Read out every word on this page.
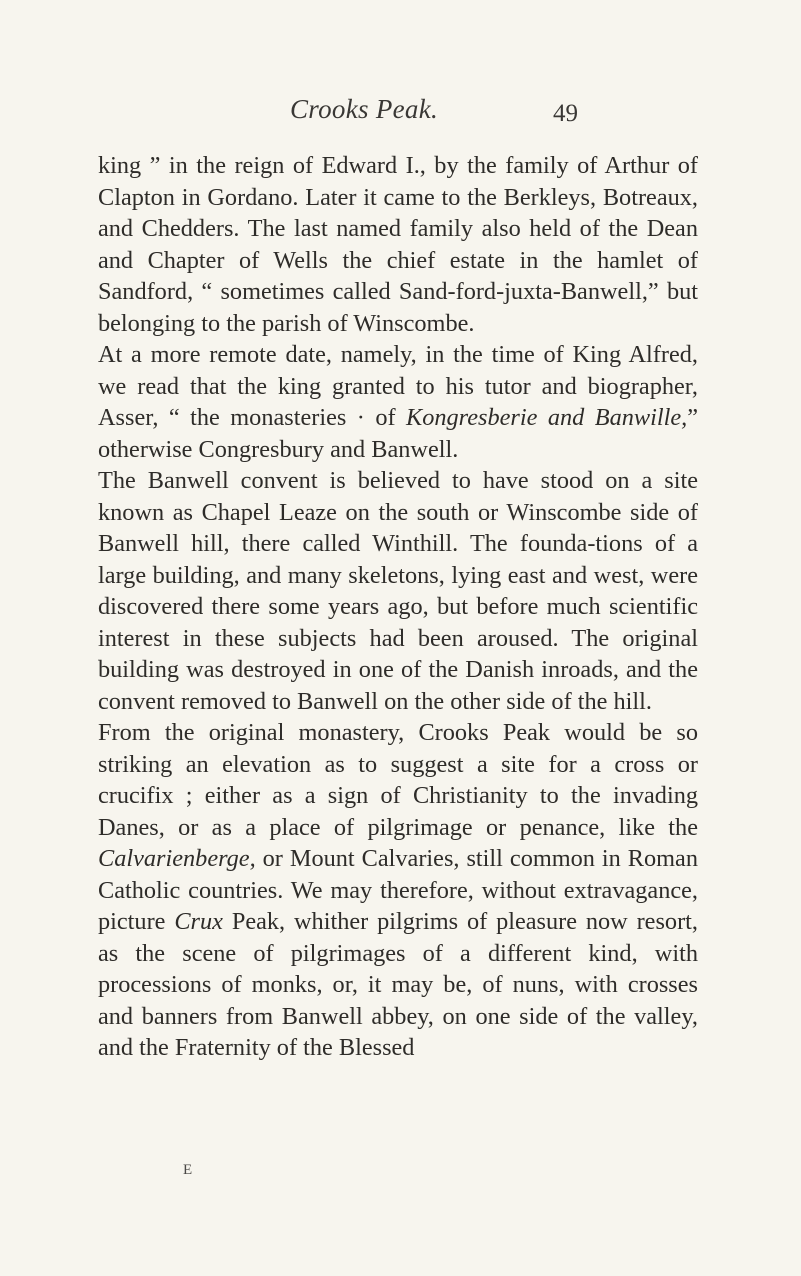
Crooks Peak.	49

king ” in the reign of Edward I., by the family of Arthur of Clapton in Gordano. Later it came to the Berkleys, Botreaux, and Chedders. The last named family also held of the Dean and Chapter of Wells the chief estate in the hamlet of Sandford, “ sometimes called Sand-ford-juxta-Banwell,” but belonging to the parish of Winscombe.

At a more remote date, namely, in the time of King Alfred, we read that the king granted to his tutor and biographer, Asser, “ the monasteries · of Kongresberie and Banwille,” otherwise Congresbury and Banwell.

The Banwell convent is believed to have stood on a site known as Chapel Leaze on the south or Winscombe side of Banwell hill, there called Winthill. The founda-tions of a large building, and many skeletons, lying east and west, were discovered there some years ago, but before much scientific interest in these subjects had been aroused. The original building was destroyed in one of the Danish inroads, and the convent removed to Banwell on the other side of the hill.

From the original monastery, Crooks Peak would be so striking an elevation as to suggest a site for a cross or crucifix ; either as a sign of Christianity to the invading Danes, or as a place of pilgrimage or penance, like the Calvarienberge, or Mount Calvaries, still common in Roman Catholic countries. We may therefore, without extravagance, picture Crux Peak, whither pilgrims of pleasure now resort, as the scene of pilgrimages of a different kind, with processions of monks, or, it may be, of nuns, with crosses and banners from Banwell abbey, on one side of the valley, and the Fraternity of the Blessed

E
